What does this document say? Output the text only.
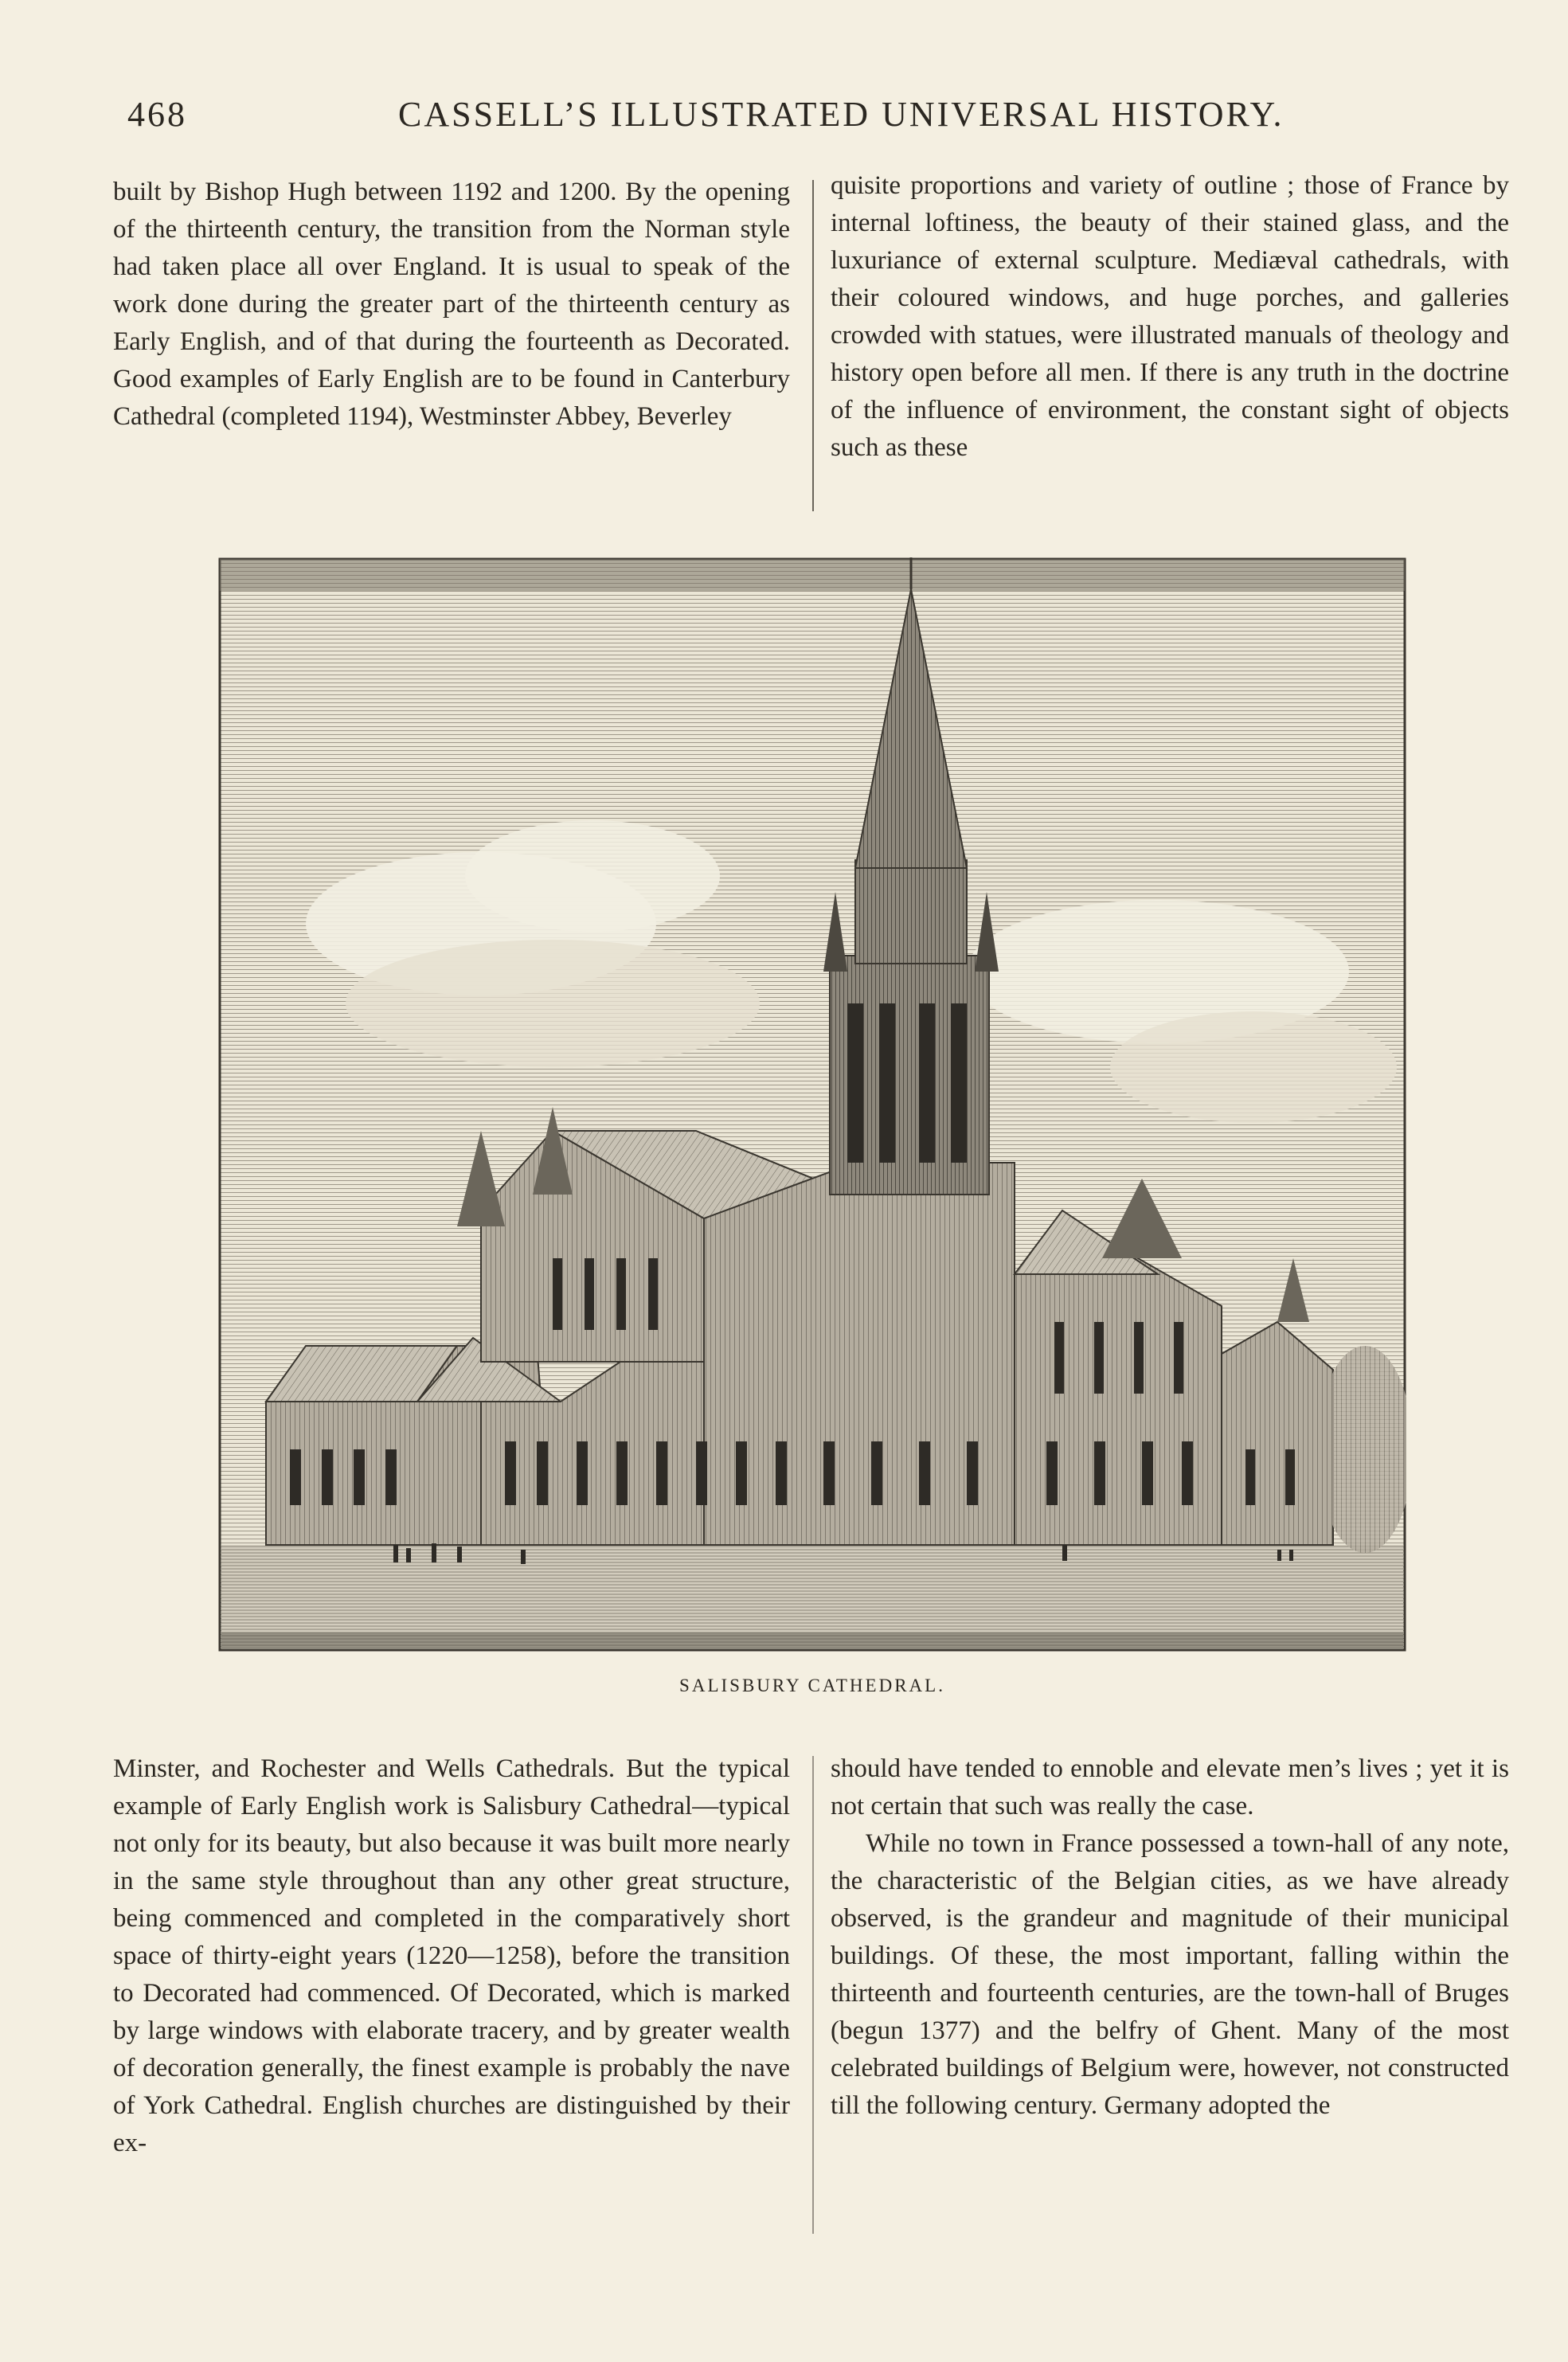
468	CASSELL’S ILLUSTRATED UNIVERSAL HISTORY.

built by Bishop Hugh between 1192 and 1200. By the opening of the thirteenth century, the transition from the Norman style had taken place all over England. It is usual to speak of the work done during the greater part of the thirteenth century as Early English, and of that during the fourteenth as Decorated. Good examples of Early English are to be found in Canterbury Cathedral (completed 1194), Westminster Abbey, Beverley

quisite proportions and variety of outline ; those of France by internal loftiness, the beauty of their stained glass, and the luxuriance of external sculpture. Mediæval cathedrals, with their coloured windows, and huge porches, and galleries crowded with statues, were illustrated manuals of theology and history open before all men. If there is any truth in the doctrine of the influence of environment, the constant sight of objects such as these

SALISBURY CATHEDRAL.

Minster, and Rochester and Wells Cathedrals. But the typical example of Early English work is Salisbury Cathedral—typical not only for its beauty, but also because it was built more nearly in the same style throughout than any other great structure, being commenced and completed in the comparatively short space of thirty-eight years (1220—1258), before the transition to Decorated had commenced. Of Decorated, which is marked by large windows with elaborate tracery, and by greater wealth of decoration generally, the finest example is probably the nave of York Cathedral. English churches are distinguished by their ex-

should have tended to ennoble and elevate men’s lives ; yet it is not certain that such was really the case.

While no town in France possessed a town-hall of any note, the characteristic of the Belgian cities, as we have already observed, is the grandeur and magnitude of their municipal buildings. Of these, the most important, falling within the thirteenth and fourteenth centuries, are the town-hall of Bruges (begun 1377) and the belfry of Ghent. Many of the most celebrated buildings of Belgium were, however, not constructed till the following century. Germany adopted the
